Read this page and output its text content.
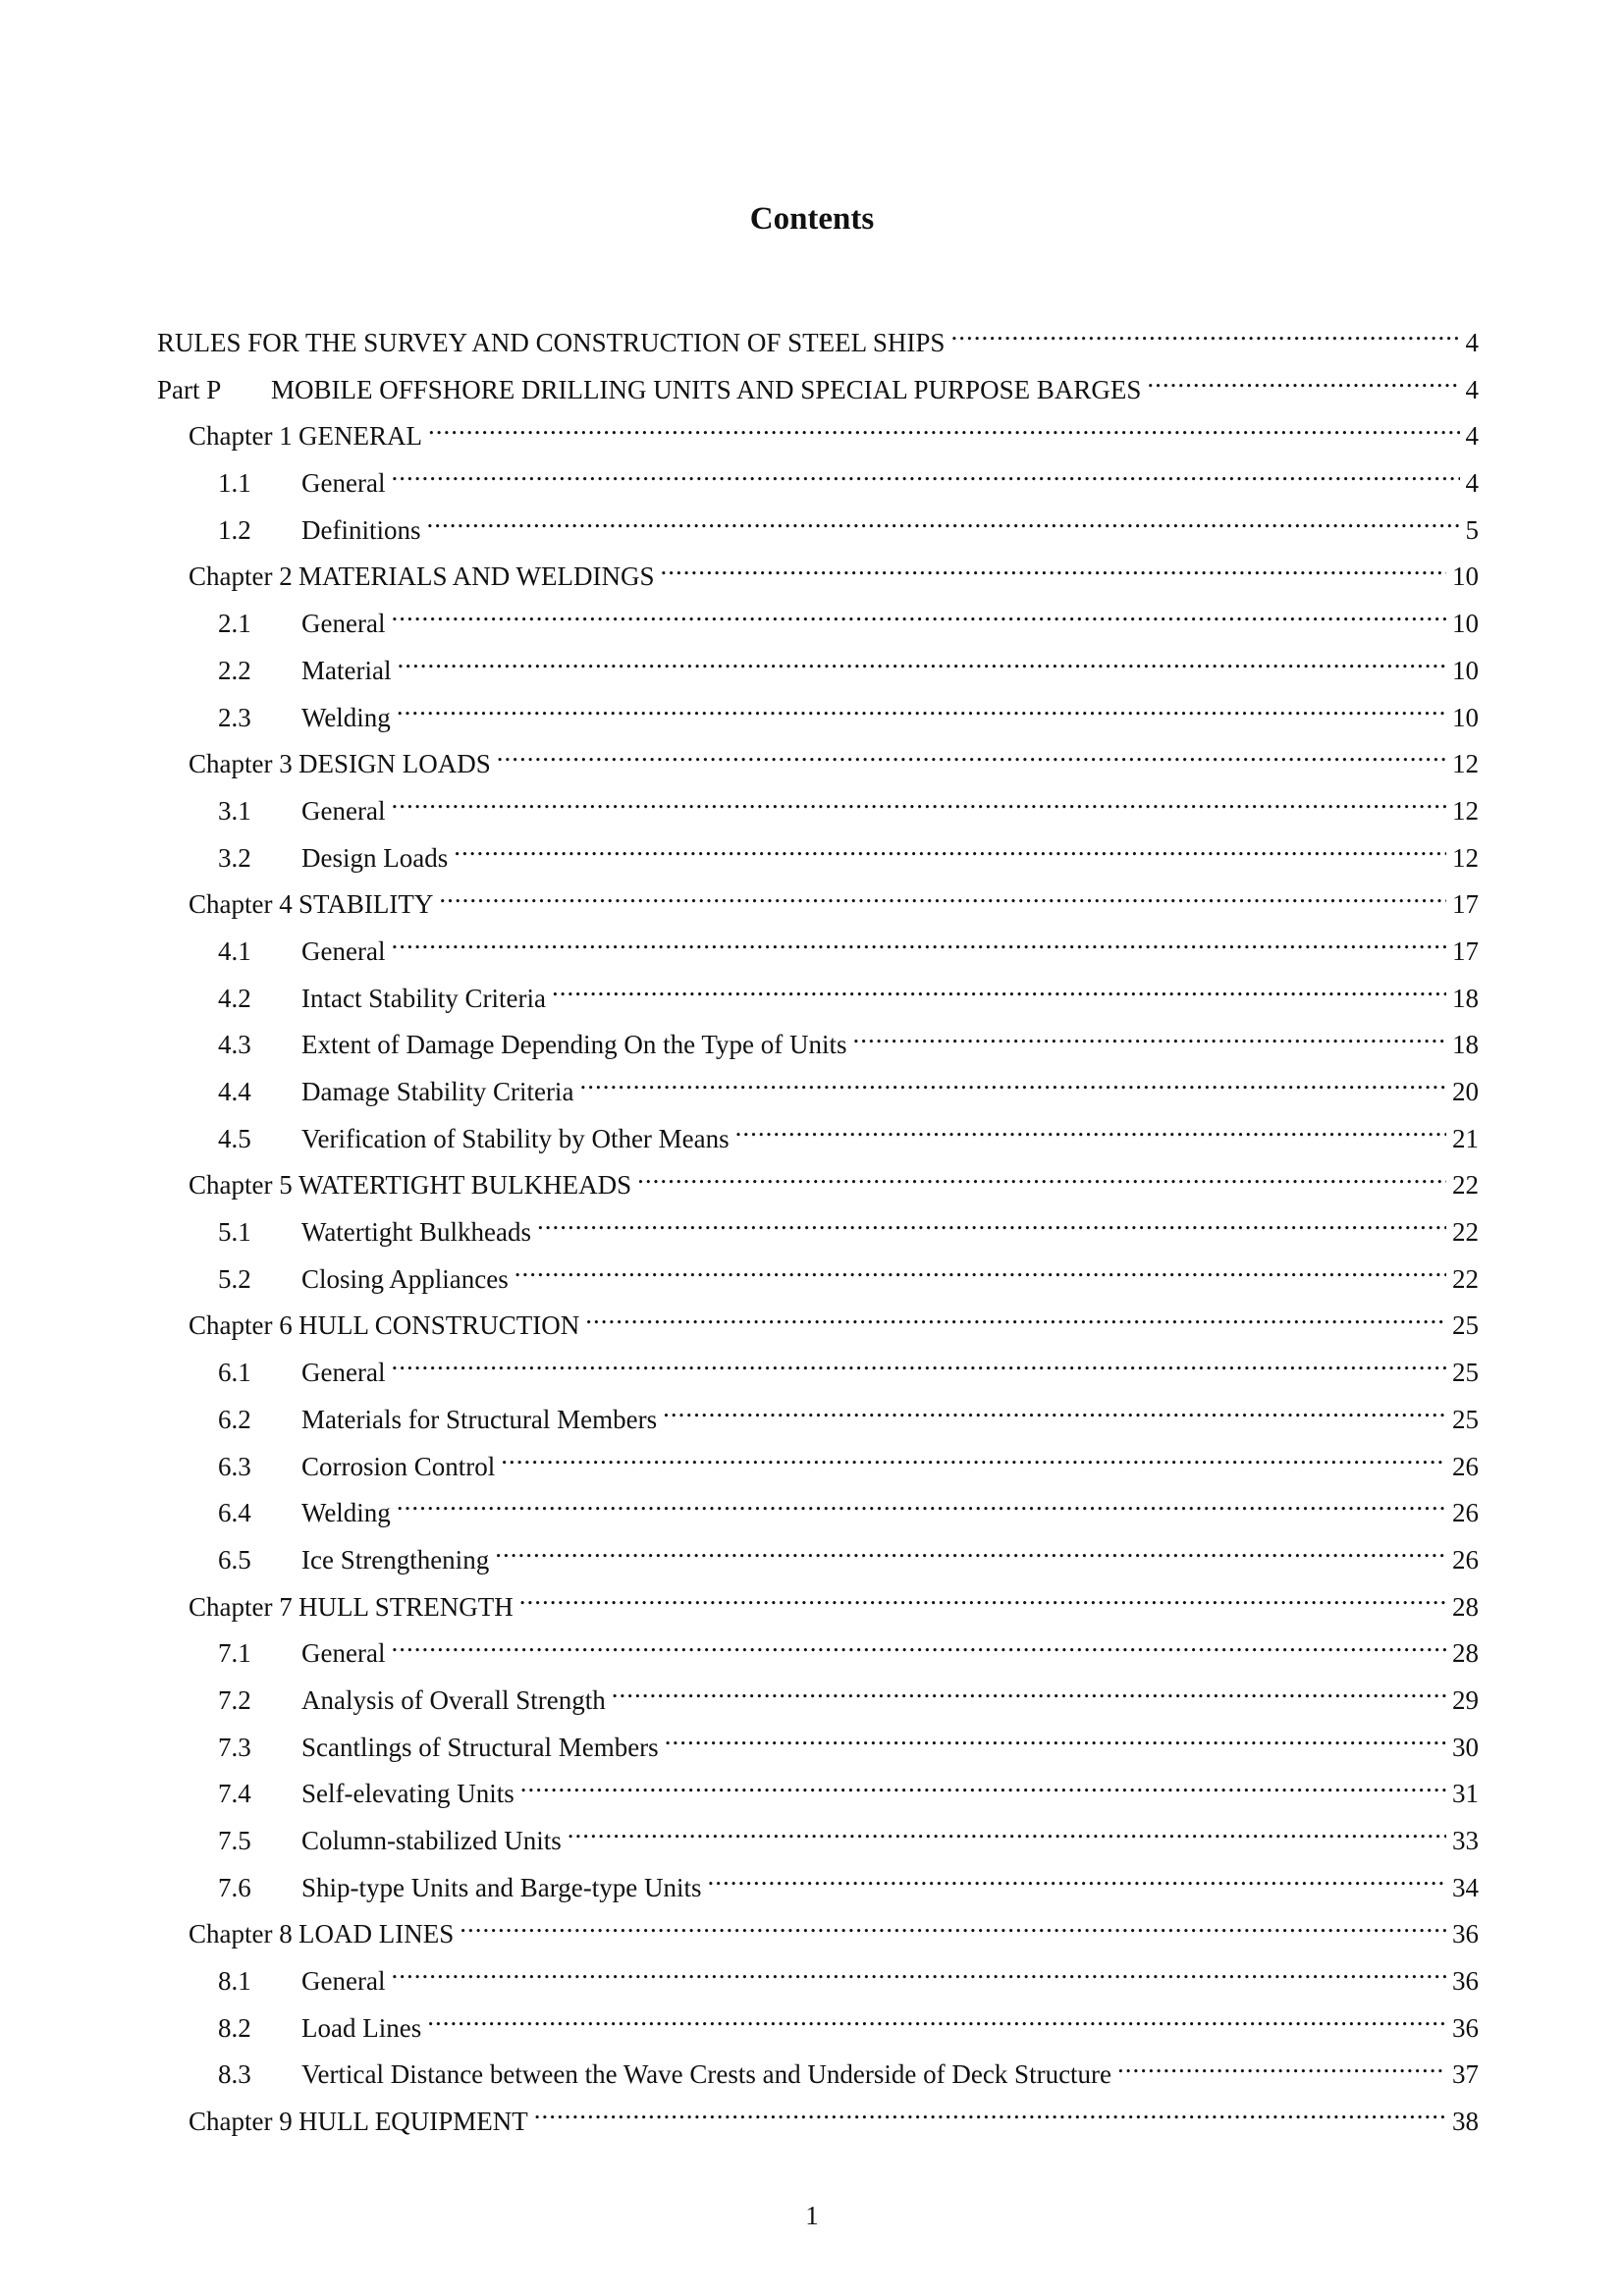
Contents
RULES FOR THE SURVEY AND CONSTRUCTION OF STEEL SHIPS .....	4
Part P	MOBILE OFFSHORE DRILLING UNITS AND SPECIAL PURPOSE BARGES .....	4
Chapter 1 GENERAL .....	4
1.1	General .....	4
1.2	Definitions .....	5
Chapter 2 MATERIALS AND WELDINGS .....	10
2.1	General .....	10
2.2	Material .....	10
2.3	Welding .....	10
Chapter 3 DESIGN LOADS .....	12
3.1	General .....	12
3.2	Design Loads .....	12
Chapter 4 STABILITY .....	17
4.1	General .....	17
4.2	Intact Stability Criteria .....	18
4.3	Extent of Damage Depending On the Type of Units .....	18
4.4	Damage Stability Criteria .....	20
4.5	Verification of Stability by Other Means .....	21
Chapter 5 WATERTIGHT BULKHEADS .....	22
5.1	Watertight Bulkheads .....	22
5.2	Closing Appliances .....	22
Chapter 6 HULL CONSTRUCTION .....	25
6.1	General .....	25
6.2	Materials for Structural Members .....	25
6.3	Corrosion Control .....	26
6.4	Welding .....	26
6.5	Ice Strengthening .....	26
Chapter 7 HULL STRENGTH .....	28
7.1	General .....	28
7.2	Analysis of Overall Strength .....	29
7.3	Scantlings of Structural Members .....	30
7.4	Self-elevating Units .....	31
7.5	Column-stabilized Units .....	33
7.6	Ship-type Units and Barge-type Units .....	34
Chapter 8 LOAD LINES .....	36
8.1	General .....	36
8.2	Load Lines .....	36
8.3	Vertical Distance between the Wave Crests and Underside of Deck Structure .....	37
Chapter 9 HULL EQUIPMENT .....	38
1
